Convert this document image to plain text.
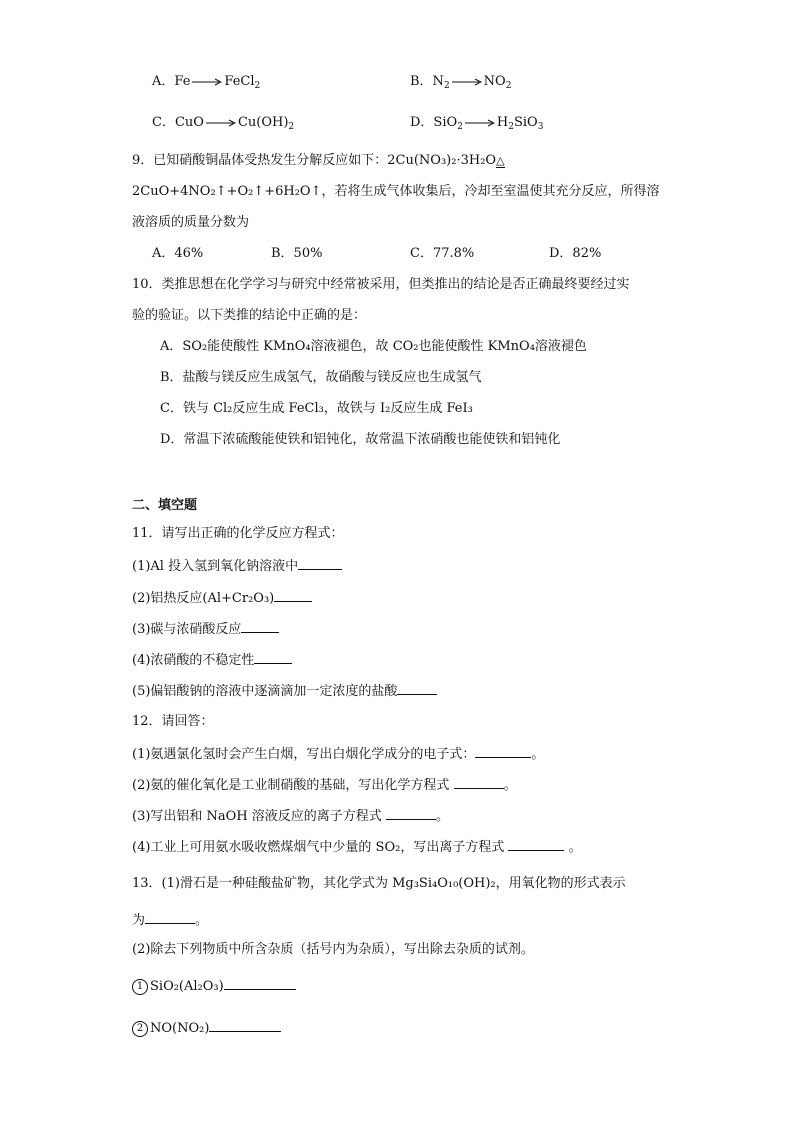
A．Fe	FeCl$_2$	B．$N_2$	$NO_2$
C．CuO	$Cu(OH)_2$	D．SiO$_2$	$H_2SiO_3$
9．已知硝酸铜晶体受热发生分解反应如下：2Cu(NO₃)₂·3H₂O△
2CuO+4NO₂↑+O₂↑+6H₂O↑，若将生成气体收集后，冷却至室温使其充分反应，所得溶
液溶质的质量分数为
A．46%	B．50%	C．77.8%	D．82%
10．类推思想在化学学习与研究中经常被采用，但类推出的结论是否正确最终要经过实
验的验证。以下类推的结论中正确的是：
A．SO₂能使酸性 KMnO₄溶液褪色，故 CO₂也能使酸性 KMnO₄溶液褪色
B．盐酸与镁反应生成氢气，故硝酸与镁反应也生成氢气
C．铁与 Cl₂反应生成 FeCl₃，故铁与 I₂反应生成 FeI₃
D．常温下浓硫酸能使铁和铝钝化，故常温下浓硝酸也能使铁和铝钝化
二、填空题
11．请写出正确的化学反应方程式：
(1)Al 投入氢到氧化钠溶液中
(2)铝热反应(Al+Cr₂O₃)
(3)碳与浓硝酸反应
(4)浓硝酸的不稳定性
(5)偏铝酸钠的溶液中逐滴滴加一定浓度的盐酸
12．请回答：
(1)氨遇氯化氢时会产生白烟，写出白烟化学成分的电子式：	。
(2)氨的催化氧化是工业制硝酸的基础，写出化学方程式	。
(3)写出铝和 NaOH 溶液反应的离子方程式	。
(4)工业上可用氨水吸收燃煤烟气中少量的 SO₂，写出离子方程式	。
13．(1)滑石是一种硅酸盐矿物，其化学式为 Mg₃Si₄O₁₀(OH)₂，用氧化物的形式表示
为	。
(2)除去下列物质中所含杂质（括号内为杂质），写出除去杂质的试剂。
1 SiO₂(Al₂O₃)
2 NO(NO₂)
